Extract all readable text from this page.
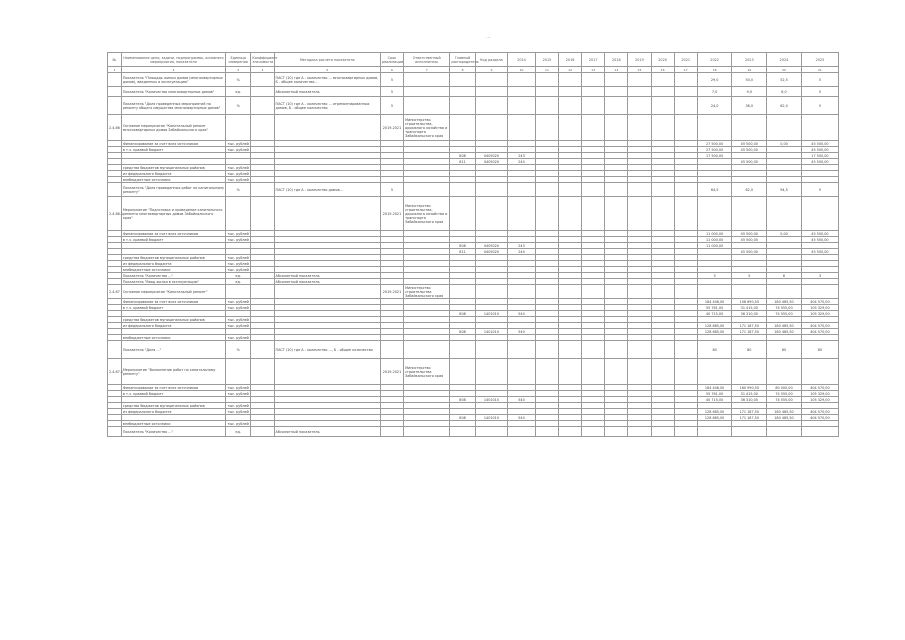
...
№	Наименование цели, задачи, подпрограммы, основного мероприятия, показателя	Единица измерения	Коэффициент значимости	Методика расчета показателя	Срок реализации	Ответственный исполнитель	Главный распорядитель	Код раздела	2014	2015	2016	2017	2018	2019	2020	2021	2022	2023	2024	2025
1	2	3	4	5	6	7	8	9	10	11	12	13	14	15	16	17	18	19	20	21
	Показатель "Площадь жилых домов (многоквартирных домов), введенных в эксплуатацию"	%		ПАСТ (10) где А - количество ... многоквартирных домов, Б - общее количество...	5												29,0	50,0	52,5	5
	Показатель "Количество многоквартирных домов"	ед.		Абсолютный показатель	5												7,0	9,0	8,0	5
	Показатель "Доля проведенных мероприятий по ремонту общего имущества многоквартирных домов"	%		ПАСТ (10) где А - количество ... отремонтированных домов, Б - общее количество	5												24,0	38,0	62,0	5
2.4.86	Основное мероприятие "Капитальный ремонт многоквартирных домов Забайкальского края"				2019-2021	Министерство строительства, дорожного хозяйства и транспорта Забайкальского края														
	Финансирование за счет всех источников	тыс. рублей															27 500,00	45 500,00	0,00	45 500,00
	в т.ч. краевой бюджет	тыс. рублей															27 500,00	45 500,00		45 500,00
							808	0405020	243								17 500,00			17 500,00
							811	0405020	244									45 500,00		45 500,00
	средства бюджетов муниципальных районов	тыс. рублей																		
	из федерального бюджета	тыс. рублей																		
	внебюджетные источники	тыс. рублей																		
	Показатель "Доля проведенных работ по капитальному ремонту"	%		ПАСТ (10) где А - количество домов...	5												64,5	82,0	94,5	5
2.4.86.1	Мероприятие "Подготовка и проведение капитального ремонта многоквартирных домов Забайкальского края"				2019-2021	Министерство строительства, дорожного хозяйства и транспорта Забайкальского края														
	Финансирование за счет всех источников	тыс. рублей															11 000,00	45 500,00	0,00	45 500,00
	в т.ч. краевой бюджет	тыс. рублей															11 000,00	45 500,00		45 500,00
							808	0405020	243								11 000,00			
							811	0405020	244									45 500,00		45 500,00
	средства бюджетов муниципальных районов	тыс. рублей																		
	из федерального бюджета	тыс. рублей																		
	внебюджетные источники	тыс. рублей																		
	Показатель "Количество ..."	ед.		Абсолютный показатель													3	5	6	3
	Показатель "Ввод жилья в эксплуатацию"	ед.		Абсолютный показатель																
2.4.87	Основное мероприятие "Капитальный ремонт"				2019-2021	Министерство строительства Забайкальского края														
	Финансирование за счет всех источников	тыс. рублей															184 446,00	108 690,50	180 485,50	404 570,00
	в т.ч. краевой бюджет	тыс. рублей															55 761,00	31 415,00	74 555,00	105 329,00
							808	1401010	540								40 715,00	36 310,00	74 555,00	105 329,00
	средства бюджетов муниципальных районов	тыс. рублей																		
	из федерального бюджета	тыс. рублей															128 685,00	171 187,50	180 485,50	404 570,00
							808	1401010	540								128 685,00	171 187,50	180 485,50	404 570,00
	внебюджетные источники	тыс. рублей																		
	Показатель "Доля ..."	%		ПАСТ (10) где А - количество ..., Б - общее количество													80	80	80	80
2.4.87.1	Мероприятие "Выполнение работ по капитальному ремонту"				2019-2021	Министерство строительства Забайкальского края														
	Финансирование за счет всех источников	тыс. рублей															184 446,00	160 990,50	80 000,00	404 570,00
	в т.ч. краевой бюджет	тыс. рублей															55 761,00	31 415,00	74 555,00	105 329,00
							808	1401010	540								40 715,00	36 310,00	74 555,00	105 329,00
	средства бюджетов муниципальных районов	тыс. рублей																		
	из федерального бюджета	тыс. рублей															128 685,00	171 187,50	180 485,50	404 570,00
							808	1401010	540								128 685,00	171 187,50	180 485,50	404 570,00
	внебюджетные источники	тыс. рублей																		
	Показатель "Количество ..."	ед.		Абсолютный показатель																
